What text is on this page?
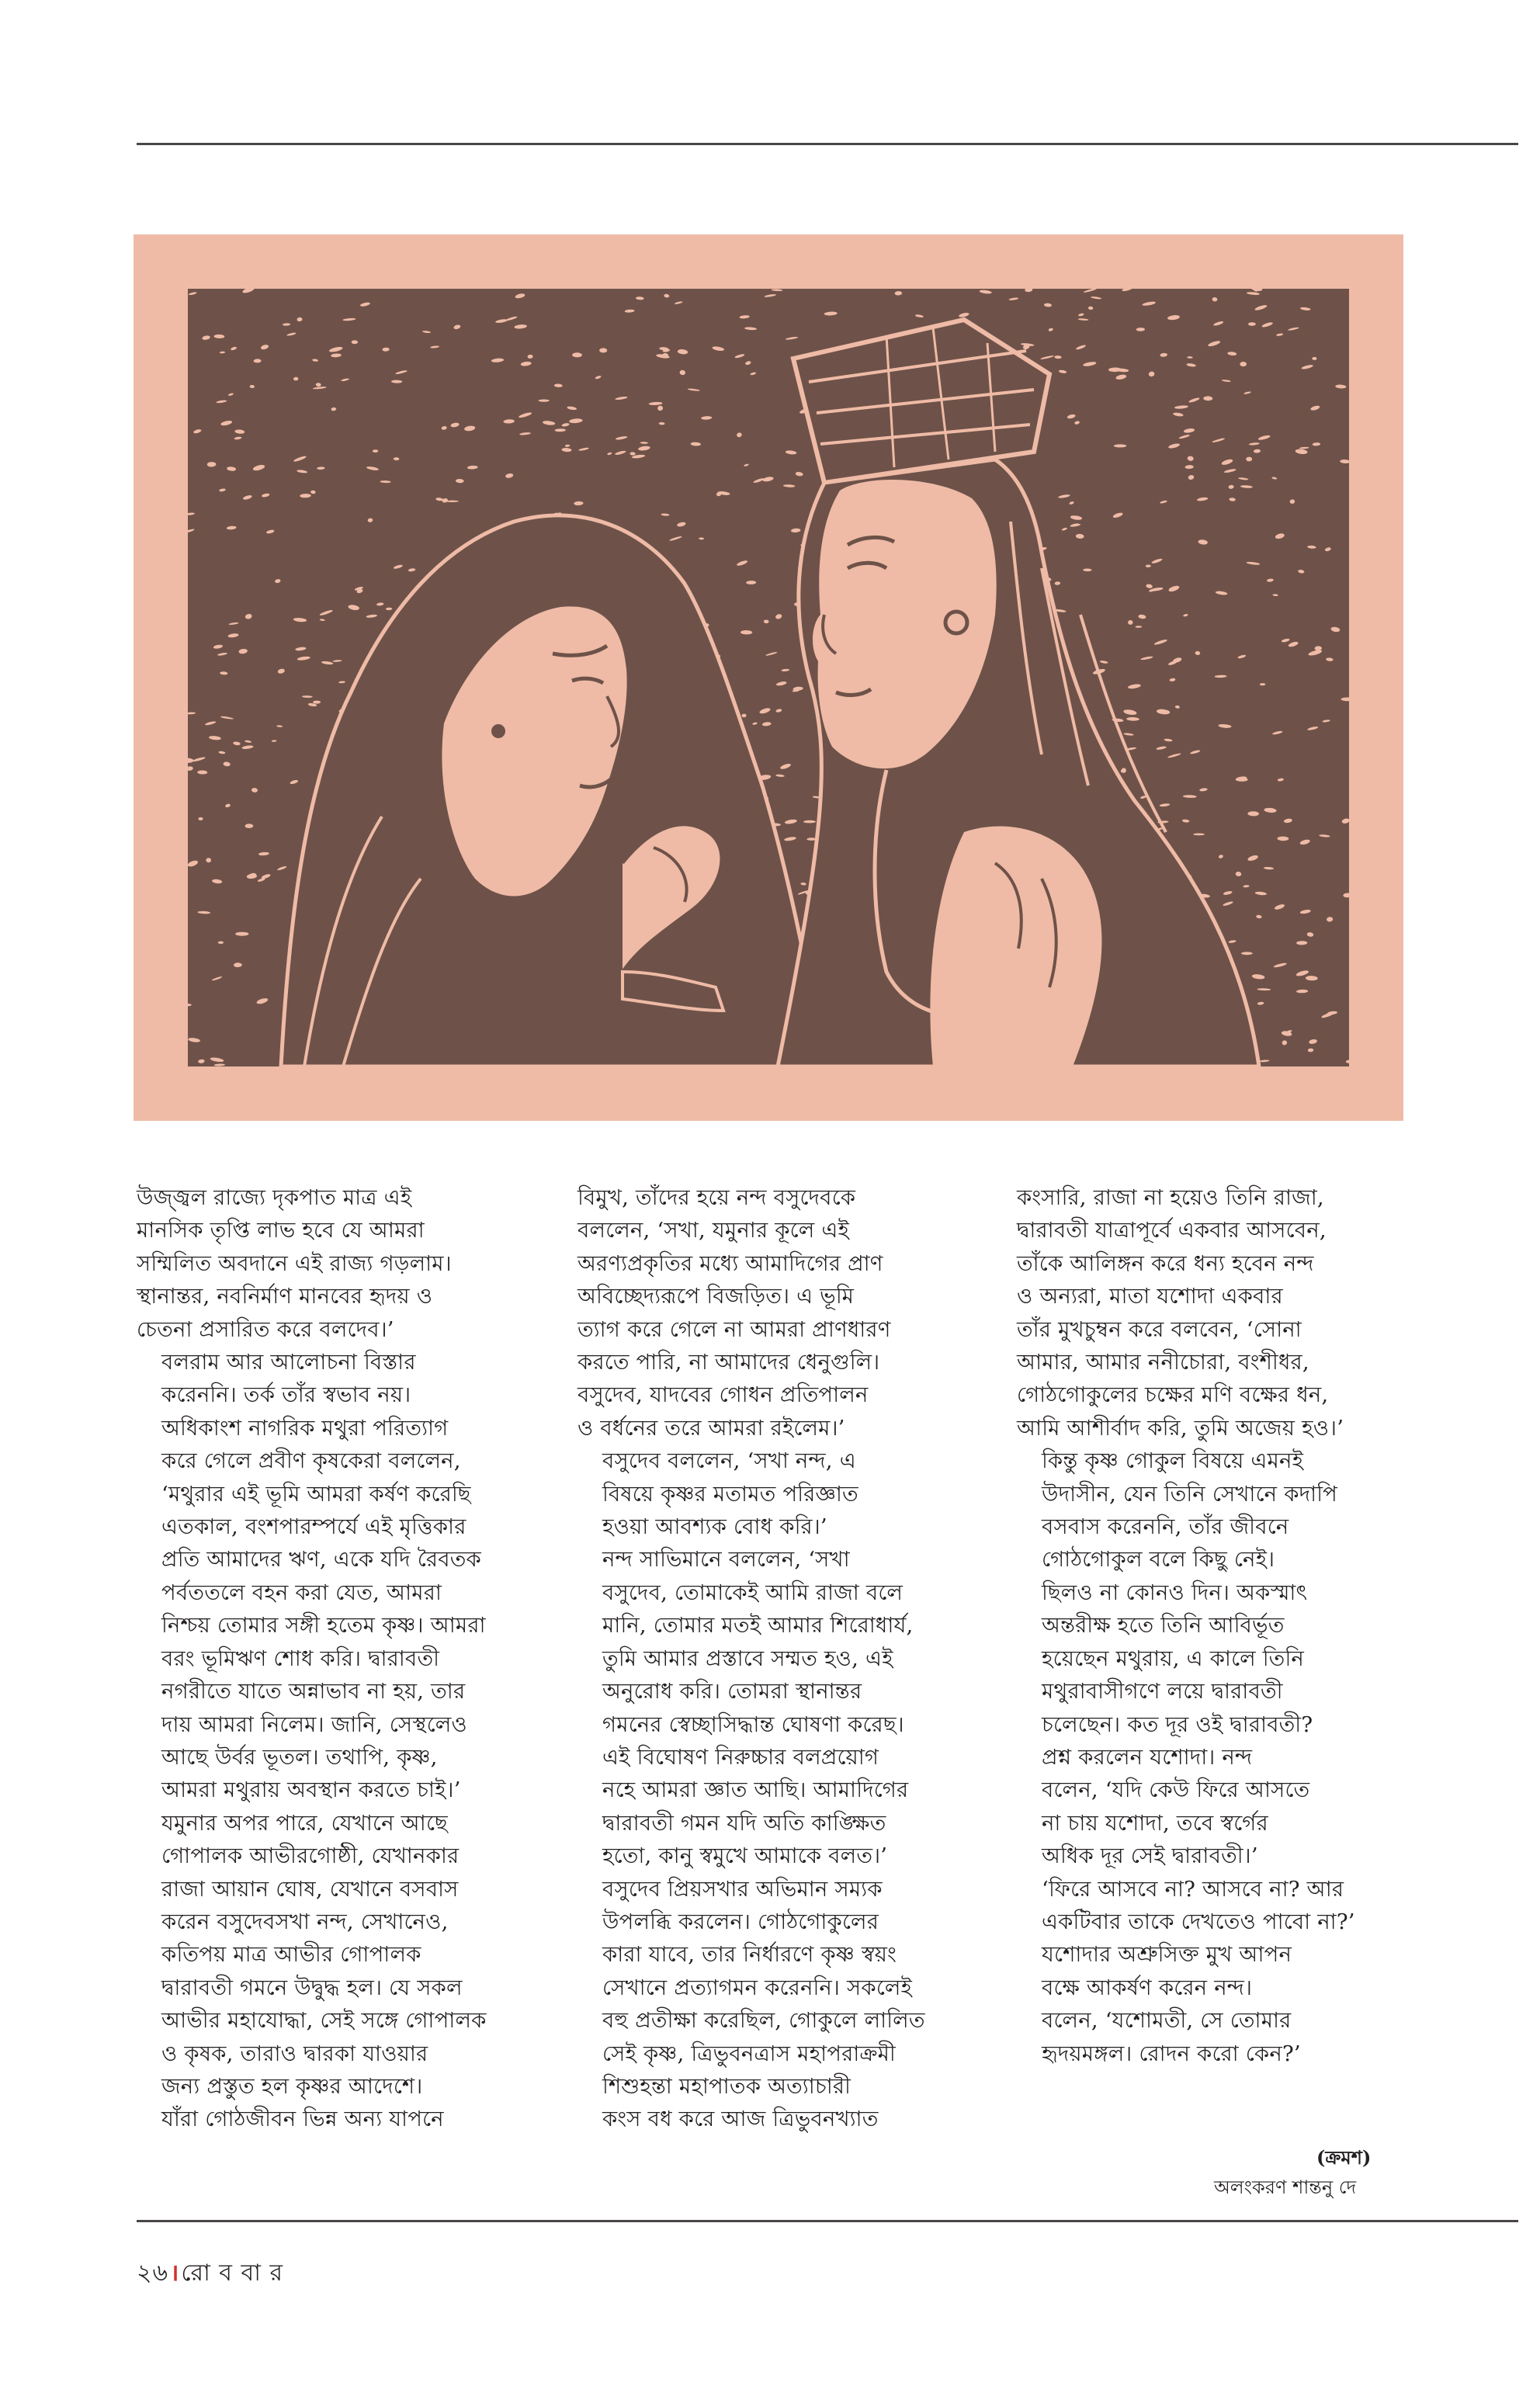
উজ্জ্বল রাজ্যে দৃকপাত মাত্র এই
মানসিক তৃপ্তি লাভ হবে যে আমরা
সম্মিলিত অবদানে এই রাজ্য গড়লাম।
স্থানান্তর, নবনির্মাণ মানবের হৃদয় ও
চেতনা প্রসারিত করে বলদেব।’

বলরাম আর আলোচনা বিস্তার
করেননি। তর্ক তাঁর স্বভাব নয়।

অধিকাংশ নাগরিক মথুরা পরিত্যাগ
করে গেলে প্রবীণ কৃষকেরা বললেন,
‘মথুরার এই ভূমি আমরা কর্ষণ করেছি
এতকাল, বংশপারম্পর্যে এই মৃত্তিকার
প্রতি আমাদের ঋণ, একে যদি রৈবতক
পর্বততলে বহন করা যেত, আমরা
নিশ্চয় তোমার সঙ্গী হতেম কৃষ্ণ। আমরা
বরং ভূমিঋণ শোধ করি। দ্বারাবতী
নগরীতে যাতে অন্নাভাব না হয়, তার
দায় আমরা নিলেম। জানি, সেস্থলেও
আছে উর্বর ভূতল। তথাপি, কৃষ্ণ,
আমরা মথুরায় অবস্থান করতে চাই।’

যমুনার অপর পারে, যেখানে আছে
গোপালক আভীরগোষ্ঠী, যেখানকার
রাজা আয়ান ঘোষ, যেখানে বসবাস
করেন বসুদেবসখা নন্দ, সেখানেও,
কতিপয় মাত্র আভীর গোপালক
দ্বারাবতী গমনে উদ্বুদ্ধ হল। যে সকল
আভীর মহাযোদ্ধা, সেই সঙ্গে গোপালক
ও কৃষক, তারাও দ্বারকা যাওয়ার
জন্য প্রস্তুত হল কৃষ্ণর আদেশে।
যাঁরা গোঠজীবন ভিন্ন অন্য যাপনে

বিমুখ, তাঁদের হয়ে নন্দ বসুদেবকে
বললেন, ‘সখা, যমুনার কূলে এই
অরণ্যপ্রকৃতির মধ্যে আমাদিগের প্রাণ
অবিচ্ছেদ্যরূপে বিজড়িত। এ ভূমি
ত্যাগ করে গেলে না আমরা প্রাণধারণ
করতে পারি, না আমাদের ধেনুগুলি।
বসুদেব, যাদবের গোধন প্রতিপালন
ও বর্ধনের তরে আমরা রইলেম।’

বসুদেব বললেন, ‘সখা নন্দ, এ
বিষয়ে কৃষ্ণর মতামত পরিজ্ঞাত
হওয়া আবশ্যক বোধ করি।’

নন্দ সাভিমানে বললেন, ‘সখা
বসুদেব, তোমাকেই আমি রাজা বলে
মানি, তোমার মতই আমার শিরোধার্য,
তুমি আমার প্রস্তাবে সম্মত হও, এই
অনুরোধ করি। তোমরা স্থানান্তর
গমনের স্বেচ্ছাসিদ্ধান্ত ঘোষণা করেছ।
এই বিঘোষণ নিরুচ্চার বলপ্রয়োগ
নহে আমরা জ্ঞাত আছি। আমাদিগের
দ্বারাবতী গমন যদি অতি কাঙ্ক্ষিত
হতো, কানু স্বমুখে আমাকে বলত।’

বসুদেব প্রিয়সখার অভিমান সম্যক
উপলব্ধি করলেন। গোঠগোকুলের
কারা যাবে, তার নির্ধারণে কৃষ্ণ স্বয়ং
সেখানে প্রত্যাগমন করেননি। সকলেই
বহু প্রতীক্ষা করেছিল, গোকুলে লালিত
সেই কৃষ্ণ, ত্রিভুবনত্রাস মহাপরাক্রমী
শিশুহন্তা মহাপাতক অত্যাচারী
কংস বধ করে আজ ত্রিভুবনখ্যাত

কংসারি, রাজা না হয়েও তিনি রাজা,
দ্বারাবতী যাত্রাপূর্বে একবার আসবেন,
তাঁকে আলিঙ্গন করে ধন্য হবেন নন্দ
ও অন্যরা, মাতা যশোদা একবার
তাঁর মুখচুম্বন করে বলবেন, ‘সোনা
আমার, আমার ননীচোরা, বংশীধর,
গোঠগোকুলের চক্ষের মণি বক্ষের ধন,
আমি আশীর্বাদ করি, তুমি অজেয় হও।’

কিন্তু কৃষ্ণ গোকুল বিষয়ে এমনই
উদাসীন, যেন তিনি সেখানে কদাপি
বসবাস করেননি, তাঁর জীবনে
গোঠগোকুল বলে কিছু নেই।
ছিলও না কোনও দিন। অকস্মাৎ
অন্তরীক্ষ হতে তিনি আবির্ভূত
হয়েছেন মথুরায়, এ কালে তিনি
মথুরাবাসীগণে লয়ে দ্বারাবতী
চলেছেন। কত দূর ওই দ্বারাবতী?

প্রশ্ন করলেন যশোদা। নন্দ
বলেন, ‘যদি কেউ ফিরে আসতে
না চায় যশোদা, তবে স্বর্গের
অধিক দূর সেই দ্বারাবতী।’

‘ফিরে আসবে না? আসবে না? আর
একটিবার তাকে দেখতেও পাবো না?’

যশোদার অশ্রুসিক্ত মুখ আপন
বক্ষে আকর্ষণ করেন নন্দ।
বলেন, ‘যশোমতী, সে তোমার
হৃদয়মঙ্গল। রোদন করো কেন?’

(ক্রমশ)
অলংকরণ শান্তনু দে
২৬।রো ব বা র
